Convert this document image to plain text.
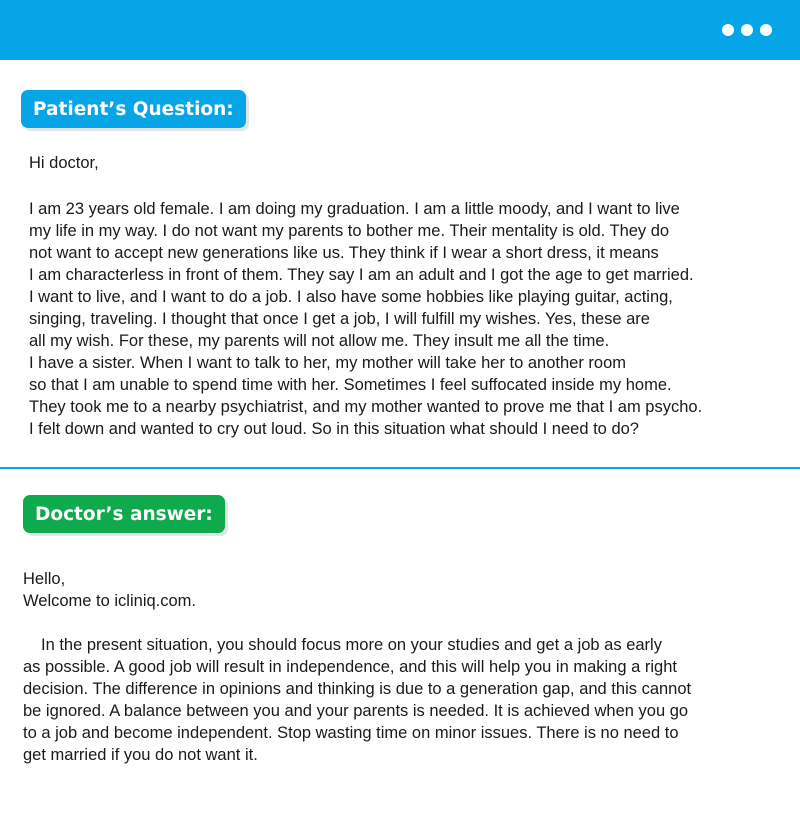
Patient’s Question:

Hi doctor,

I am 23 years old female. I am doing my graduation. I am a little moody, and I want to live

my life in my way. I do not want my parents to bother me. Their mentality is old. They do

not want to accept new generations like us. They think if I wear a short dress, it means

I am characterless in front of them. They say I am an adult and I got the age to get married.

I want to live, and I want to do a job. I also have some hobbies like playing guitar, acting,

singing, traveling. I thought that once I get a job, I will fulfill my wishes. Yes, these are

all my wish. For these, my parents will not allow me. They insult me all the time.

I have a sister. When I want to talk to her, my mother will take her to another room

so that I am unable to spend time with her. Sometimes I feel suffocated inside my home.

They took me to a nearby psychiatrist, and my mother wanted to prove me that I am psycho.

I felt down and wanted to cry out loud. So in this situation what should I need to do?

Doctor’s answer:

Hello,

Welcome to icliniq.com.

In the present situation, you should focus more on your studies and get a job as early

as possible. A good job will result in independence, and this will help you in making a right

decision. The difference in opinions and thinking is due to a generation gap, and this cannot

be ignored. A balance between you and your parents is needed. It is achieved when you go

to a job and become independent. Stop wasting time on minor issues. There is no need to

get married if you do not want it.
